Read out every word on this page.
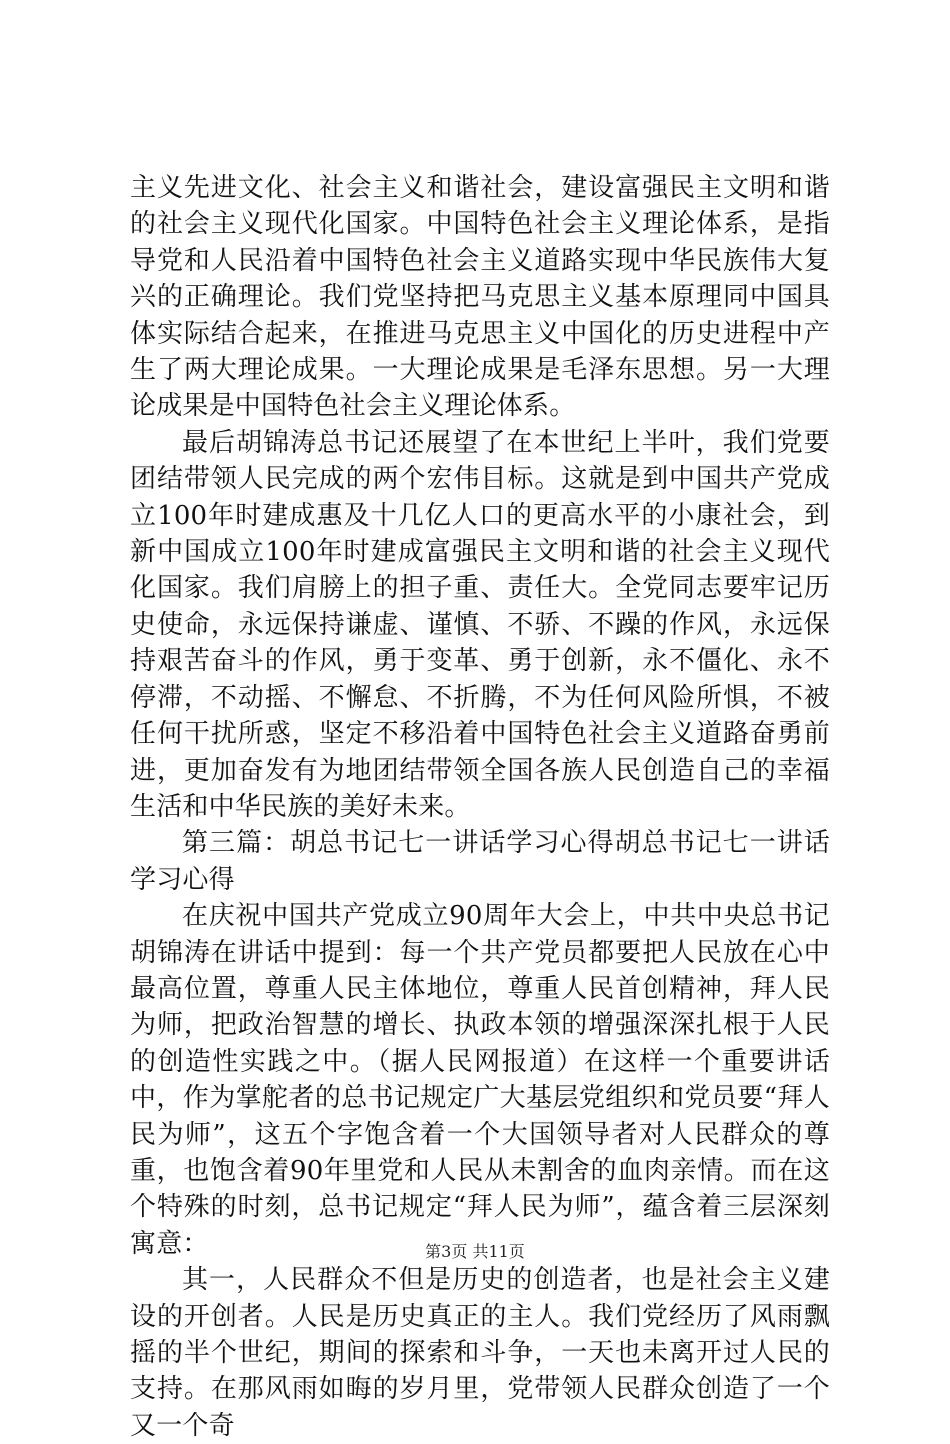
主义先进文化、社会主义和谐社会，建设富强民主文明和谐的社会主义现代化国家。中国特色社会主义理论体系，是指导党和人民沿着中国特色社会主义道路实现中华民族伟大复兴的正确理论。我们党坚持把马克思主义基本原理同中国具体实际结合起来，在推进马克思主义中国化的历史进程中产生了两大理论成果。一大理论成果是毛泽东思想。另一大理论成果是中国特色社会主义理论体系。

最后胡锦涛总书记还展望了在本世纪上半叶，我们党要团结带领人民完成的两个宏伟目标。这就是到中国共产党成立100年时建成惠及十几亿人口的更高水平的小康社会，到新中国成立100年时建成富强民主文明和谐的社会主义现代化国家。我们肩膀上的担子重、责任大。全党同志要牢记历史使命，永远保持谦虚、谨慎、不骄、不躁的作风，永远保持艰苦奋斗的作风，勇于变革、勇于创新，永不僵化、永不停滞，不动摇、不懈怠、不折腾，不为任何风险所惧，不被任何干扰所惑，坚定不移沿着中国特色社会主义道路奋勇前进，更加奋发有为地团结带领全国各族人民创造自己的幸福生活和中华民族的美好未来。

第三篇：胡总书记七一讲话学习心得胡总书记七一讲话学习心得

在庆祝中国共产党成立90周年大会上，中共中央总书记胡锦涛在讲话中提到：每一个共产党员都要把人民放在心中最高位置，尊重人民主体地位，尊重人民首创精神，拜人民为师，把政治智慧的增长、执政本领的增强深深扎根于人民的创造性实践之中。（据人民网报道）在这样一个重要讲话中，作为掌舵者的总书记规定广大基层党组织和党员要“拜人民为师”，这五个字饱含着一个大国领导者对人民群众的尊重，也饱含着90年里党和人民从未割舍的血肉亲情。而在这个特殊的时刻，总书记规定“拜人民为师”，蕴含着三层深刻寓意：

其一，人民群众不但是历史的创造者，也是社会主义建设的开创者。人民是历史真正的主人。我们党经历了风雨飘摇的半个世纪，期间的探索和斗争，一天也未离开过人民的支持。在那风雨如晦的岁月里，党带领人民群众创造了一个又一个奇

第3页 共11页
